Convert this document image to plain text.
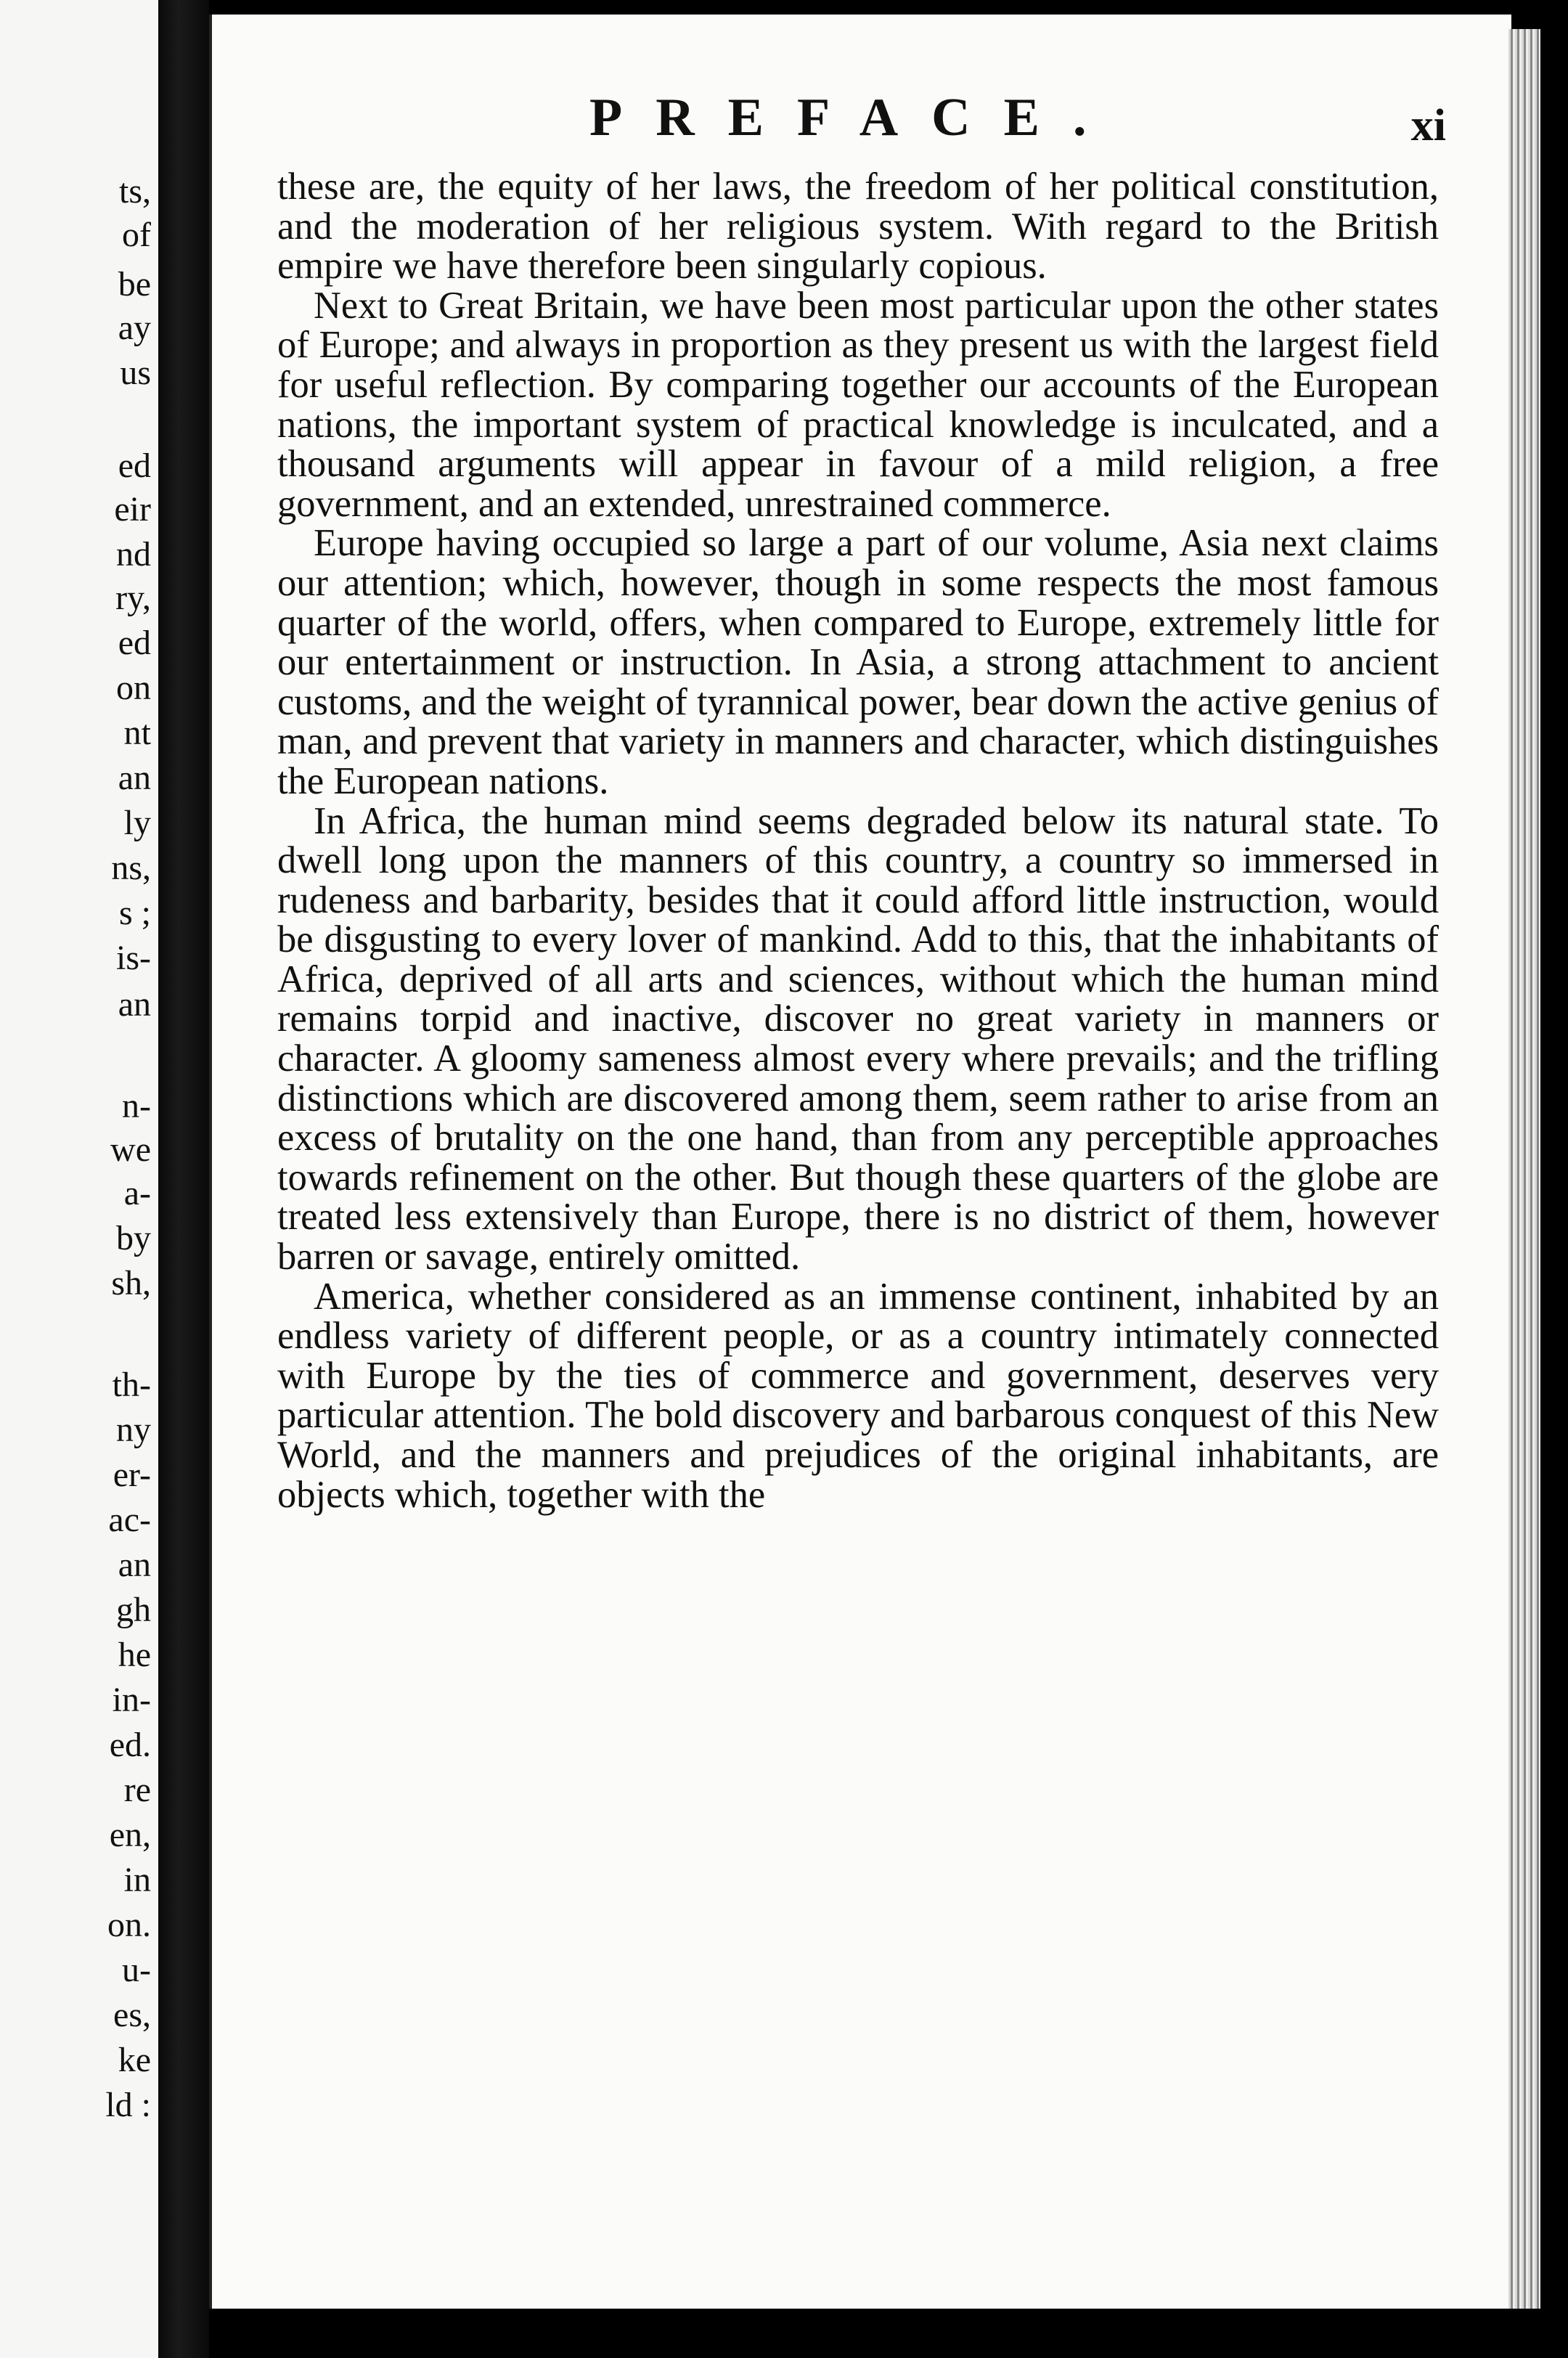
ts,
of
be
ay
us
ed
eir
nd
ry,
ed
on
nt
an
ly
ns,
s ;
is-
an
n-
we
a-
by
sh,
th-
ny
er-
ac-
an
gh
he
in-
ed.
re
en,
in
on.
u-
es,
ke
ld :
PREFACE.	xi

these are, the equity of her laws, the freedom of her political constitution, and the moderation of her religious system. With regard to the British empire we have therefore been singularly copious.

Next to Great Britain, we have been most particular upon the other states of Europe; and always in proportion as they present us with the largest field for useful reflection. By comparing together our accounts of the European nations, the important system of practical knowledge is inculcated, and a thousand arguments will appear in favour of a mild religion, a free government, and an extended, unrestrained commerce.

Europe having occupied so large a part of our volume, Asia next claims our attention; which, however, though in some respects the most famous quarter of the world, offers, when compared to Europe, extremely little for our entertainment or instruction. In Asia, a strong attachment to ancient customs, and the weight of tyrannical power, bear down the active genius of man, and prevent that variety in manners and character, which distinguishes the European nations.

In Africa, the human mind seems degraded below its natural state. To dwell long upon the manners of this country, a country so immersed in rudeness and barbarity, besides that it could afford little instruction, would be disgusting to every lover of mankind. Add to this, that the inhabitants of Africa, deprived of all arts and sciences, without which the human mind remains torpid and inactive, discover no great variety in manners or character. A gloomy sameness almost every where prevails; and the trifling distinctions which are discovered among them, seem rather to arise from an excess of brutality on the one hand, than from any perceptible approaches towards refinement on the other. But though these quarters of the globe are treated less extensively than Europe, there is no district of them, however barren or savage, entirely omitted.

America, whether considered as an immense continent, inhabited by an endless variety of different people, or as a country intimately connected with Europe by the ties of commerce and government, deserves very particular attention. The bold discovery and barbarous conquest of this New World, and the manners and prejudices of the original inhabitants, are objects which, together with the
